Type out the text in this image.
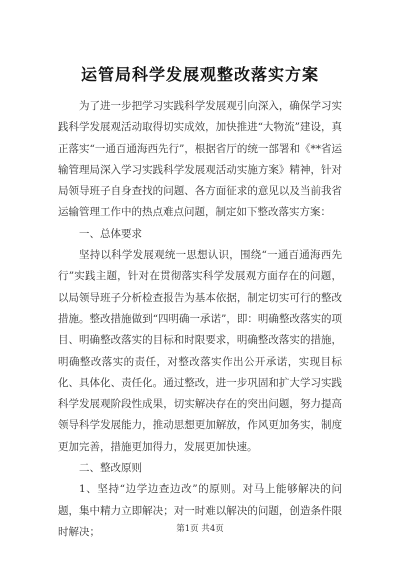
运管局科学发展观整改落实方案

为了进一步把学习实践科学发展观引向深入，确保学习实践科学发展观活动取得切实成效，加快推进“大物流”建设，真正落实“一通百通海西先行”，根据省厅的统一部署和《**省运输管理局深入学习实践科学发展观活动实施方案》精神，针对局领导班子自身查找的问题、各方面征求的意见以及当前我省运输管理工作中的热点难点问题，制定如下整改落实方案：

一、总体要求

坚持以科学发展观统一思想认识，围绕“一通百通海西先行”实践主题，针对在贯彻落实科学发展观方面存在的问题，以局领导班子分析检查报告为基本依据，制定切实可行的整改措施。整改措施做到“四明确一承诺”，即：明确整改落实的项目、明确整改落实的目标和时限要求，明确整改落实的措施，明确整改落实的责任，对整改落实作出公开承诺，实现目标化、具体化、责任化。通过整改，进一步巩固和扩大学习实践科学发展观阶段性成果，切实解决存在的突出问题，努力提高领导科学发展能力，推动思想更加解放，作风更加务实，制度更加完善，措施更加得力，发展更加快速。

二、整改原则

1、坚持“边学边查边改”的原则。对马上能够解决的问题，集中精力立即解决；对一时难以解决的问题，创造条件限时解决；	第1页 共4页
